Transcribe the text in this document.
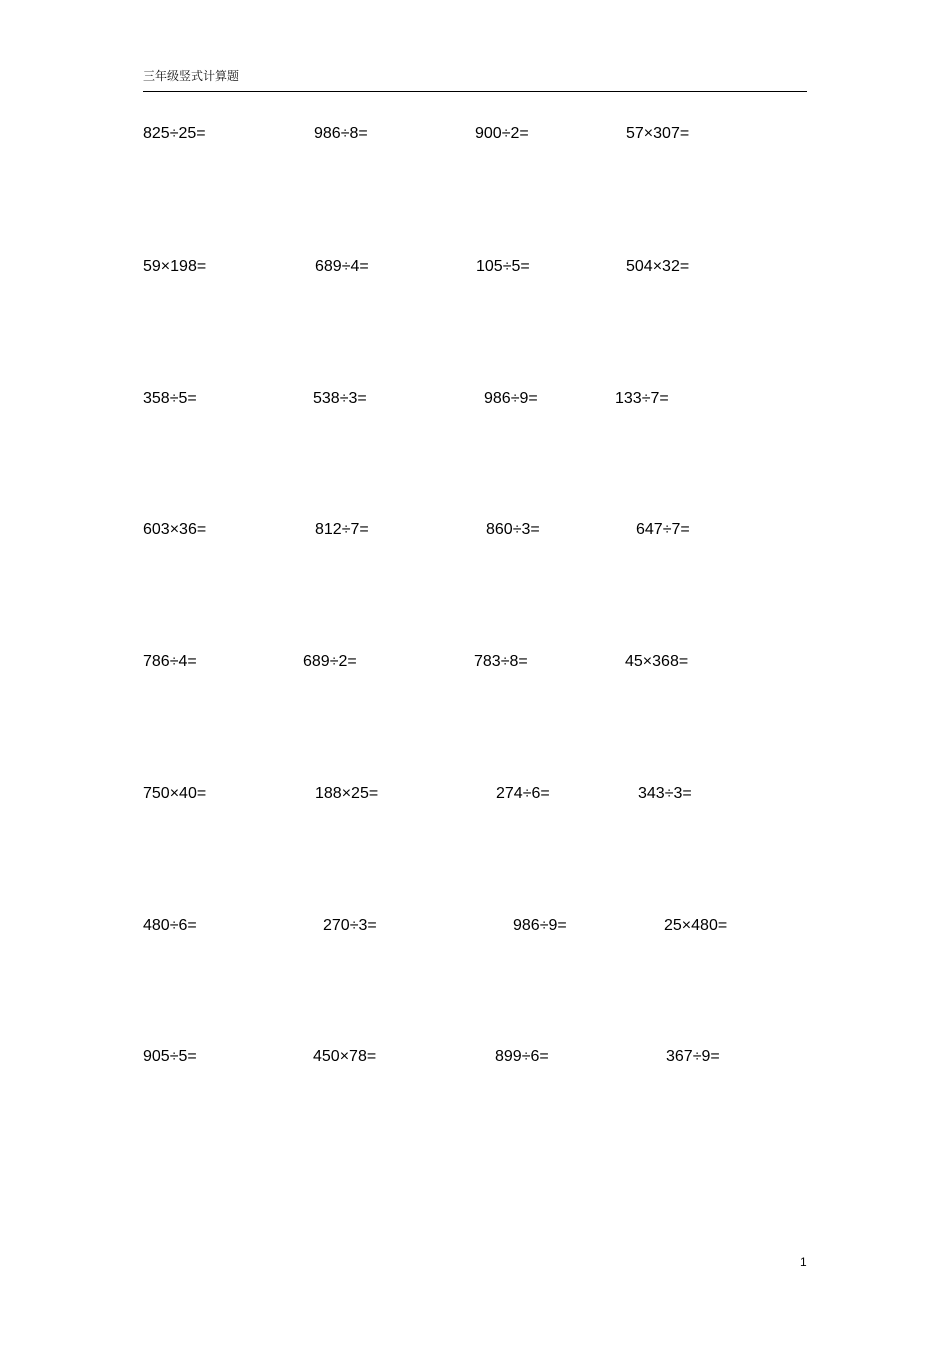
三年级竖式计算题
825÷25=	986÷8=	900÷2=	57×307=
59×198=	689÷4=	105÷5=	504×32=
358÷5=	538÷3=	986÷9=	133÷7=
603×36=	812÷7=	860÷3=	647÷7=
786÷4=	689÷2=	783÷8=	45×368=
750×40=	188×25=	274÷6=	343÷3=
480÷6=	270÷3=	986÷9=	25×480=
905÷5=	450×78=	899÷6=	367÷9=
1
